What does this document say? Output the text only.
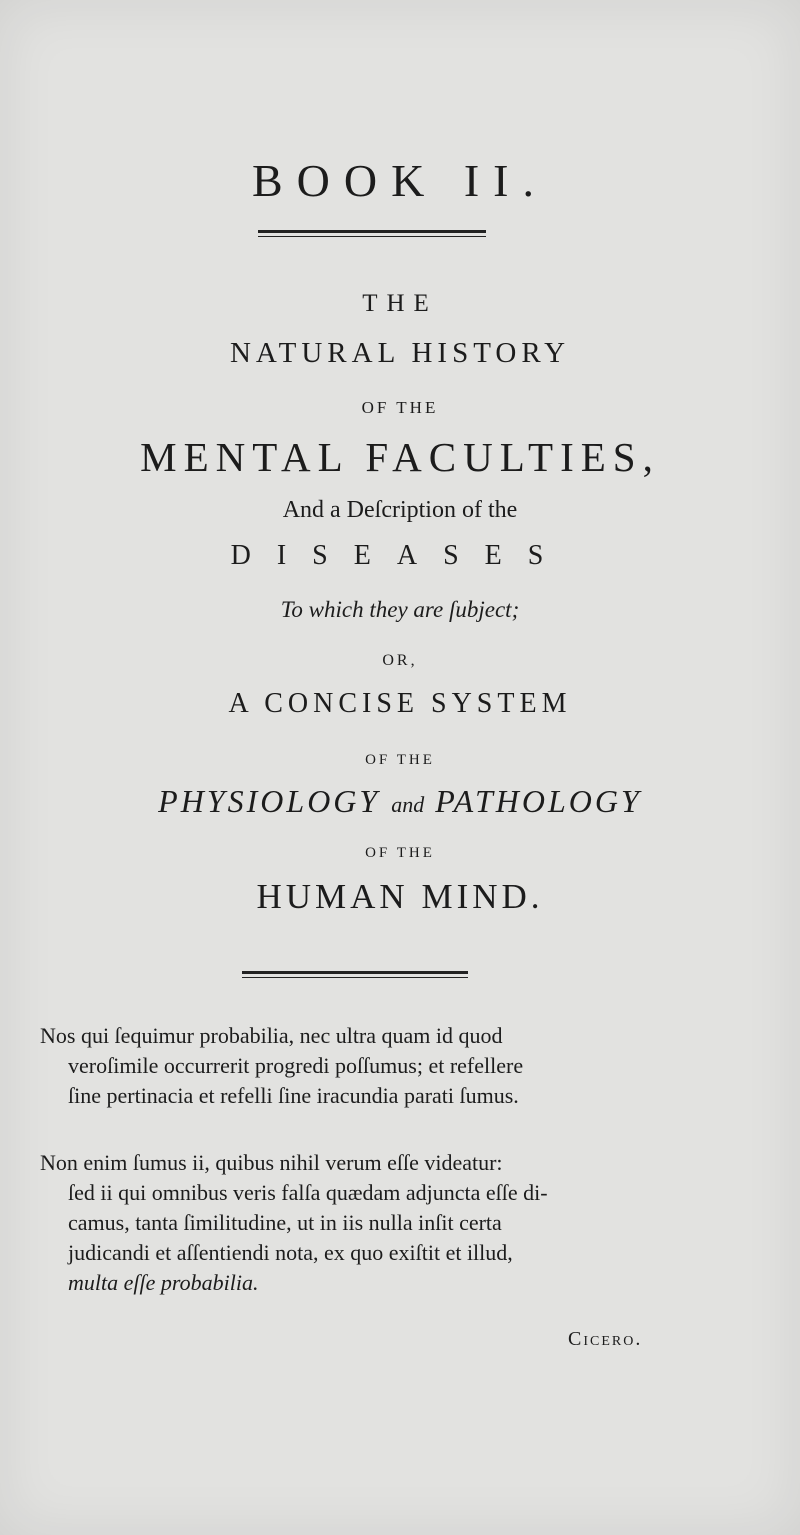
BOOK II.
THE
NATURAL HISTORY
OF THE
MENTAL FACULTIES,
And a Deſcription of the
DISEASES
To which they are ſubject;
OR,
A CONCISE SYSTEM
OF THE
PHYSIOLOGY and PATHOLOGY
OF THE
HUMAN MIND.
Nos qui ſequimur probabilia, nec ultra quam id quod
veroſimile occurrerit progredi poſſumus; et refellere
ſine pertinacia et refelli ſine iracundia parati ſumus.
Non enim ſumus ii, quibus nihil verum eſſe videatur:
ſed ii qui omnibus veris falſa quædam adjuncta eſſe di-
camus, tanta ſimilitudine, ut in iis nulla inſit certa
judicandi et aſſentiendi nota, ex quo exiſtit et illud,
multa eſſe probabilia.
Cicero.
